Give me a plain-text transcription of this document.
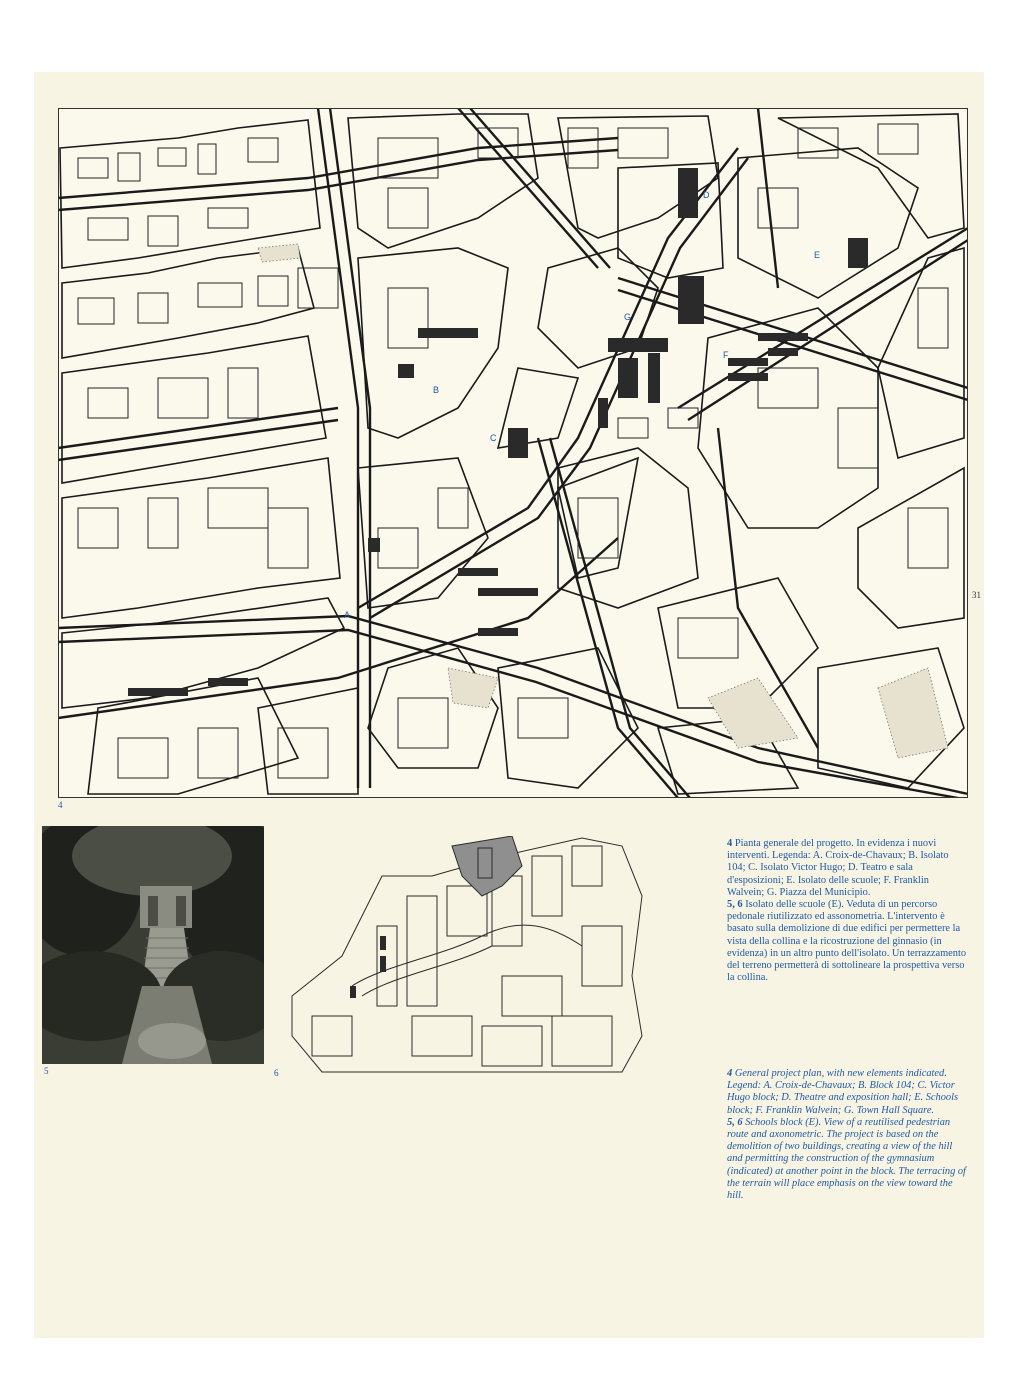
A
B
C
D
E
F
G
4
31
5	6

4 Pianta generale del progetto. In evidenza i nuovi interventi. Legenda: A. Croix-de-Chavaux; B. Isolato 104; C. Isolato Victor Hugo; D. Teatro e sala d'esposizioni; E. Isolato delle scuole; F. Franklin Walvein; G. Piazza del Municipio.

5, 6 Isolato delle scuole (E). Veduta di un percorso pedonale riutilizzato ed assonometria. L'intervento è basato sulla demolizione di due edifici per permettere la vista della collina e la ricostruzione del ginnasio (in evidenza) in un altro punto dell'isolato. Un terrazzamento del terreno permetterà di sottolineare la prospettiva verso la collina.

4 General project plan, with new elements indicated. Legend: A. Croix-de-Chavaux; B. Block 104; C. Victor Hugo block; D. Theatre and exposition hall; E. Schools block; F. Franklin Walvein; G. Town Hall Square.

5, 6 Schools block (E). View of a reutilised pedestrian route and axonometric. The project is based on the demolition of two buildings, creating a view of the hill and permitting the construction of the gymnasium (indicated) at another point in the block. The terracing of the terrain will place emphasis on the view toward the hill.
